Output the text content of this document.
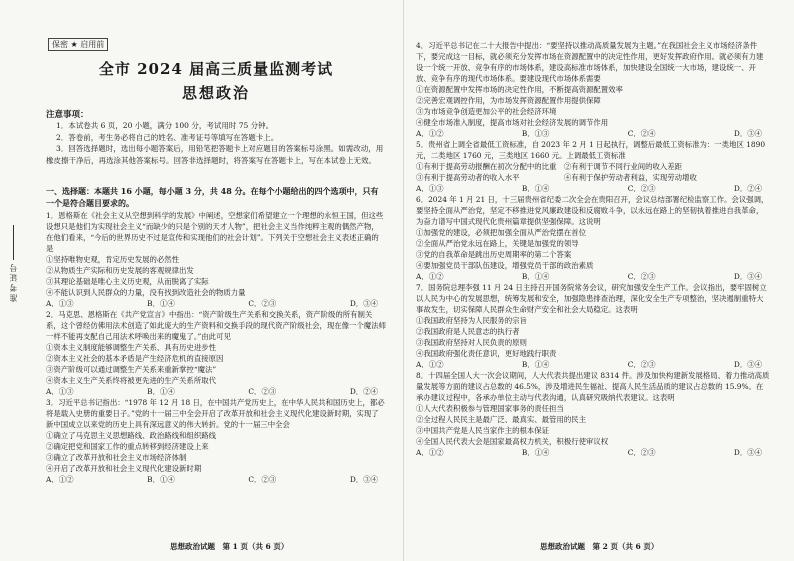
准考证号
保密 ★ 启用前
全市 2024 届高三质量监测考试
思想政治
注意事项：
1．本试卷共 6 页，20 小题，满分 100 分，考试用时 75 分钟。
2．答卷前，考生务必将自己的姓名、准考证号等填写在答题卡上。
3．回答选择题时，选出每小题答案后，用铅笔把答题卡上对应题目的答案标号涂黑。如需改动，用橡皮擦干净后，再选涂其他答案标号。回答非选择题时，将答案写在答题卡上，写在本试卷上无效。
一、选择题：本题共 16 小题，每小题 3 分，共 48 分。在每个小题给出的四个选项中，只有一个是符合题目要求的。

1．恩格斯在《社会主义从空想到科学的发展》中阐述，空想家们希望建立一个理想的永恒王国，但这些设想只是他们为实现社会主义“而缺少的只是个别的天才人物”，把社会主义当作纯粹主观的偶然产物，在他们看来，“今后的世界历史不过是宣传和实现他们的社会计划”。下列关于空想社会主义表述正确的是

①坚持唯物史观，肯定历史发展的必然性

②从物质生产实际和历史发展的客观规律出发

③其理论基础是唯心主义历史观，从而脱离了实际

④不能认识到人民群众的力量，没有找到改造社会的物质力量

A．①③	B．①④	C．②③	D．③④

2．马克思、恩格斯在《共产党宣言》中指出：“资产阶级生产关系和交换关系，资产阶级的所有制关系，这个曾经仿佛用法术创造了如此庞大的生产资料和交换手段的现代资产阶级社会，现在像一个魔法师一样不能再支配自己用法术呼唤出来的魔鬼了。”由此可见

①资本主义制度能够调整生产关系、具有历史进步性

②资本主义社会的基本矛盾是产生经济危机的直接原因

③资产阶级可以通过调整生产关系来重新掌控“魔法”

④资本主义生产关系终将被更先进的生产关系所取代

A．①③	B．①④	C．②③	D．②④

3．习近平总书记指出：“1978 年 12 月 18 日，在中国共产党历史上，在中华人民共和国历史上，都必将是载入史册的重要日子。”党的十一届三中全会开启了改革开放和社会主义现代化建设新时期，实现了新中国成立以来党的历史上具有深远意义的伟大转折。党的十一届三中全会

①确立了马克思主义思想路线、政治路线和组织路线

②确定把党和国家工作的重点转移到经济建设上来

③确立了改革开放和社会主义市场经济体制

④开启了改革开放和社会主义现代化建设新时期

A．①②	B．①④	C．②③	D．③④

4．习近平总书记在二十大报告中提出：“要坚持以推动高质量发展为主题。”在我国社会主义市场经济条件下，要完成这一目标，就必须充分发挥市场在资源配置中的决定性作用，更好发挥政府作用。就必须有力建设一个统一开放、竞争有序的市场体系，建设高标准市场体系，加快建设全国统一大市场，建设统一、开放、竞争有序的现代市场体系。要建设现代市场体系需要

①在资源配置中发挥市场的决定性作用，不断提高资源配置效率

②完善宏观调控作用，为市场发挥资源配置作用提供保障

③为市场竞争创造更加公平的社会经济环境

④健全市场准入制度，提高市场对社会经济发展的调节作用

A．①②	B．①③	C．②④	D．③④

5．贵州省上调全省最低工资标准，自 2023 年 2 月 1 日起执行，调整后最低工资标准为：一类地区 1890 元，二类地区 1760 元，三类地区 1660 元。上调最低工资标准

①有利于提高劳动报酬在初次分配中的比重　②有利于调节不同行业间的收入差距

③有利于提高劳动者的收入水平　　　　　　④有利于保护劳动者利益，实现劳动增收

A．①③	B．①④	C．②③	D．②④

6．2024 年 1 月 21 日，十三届贵州省纪委二次全会在贵阳召开，会议总结部署纪检监察工作。会议强调，要坚持全面从严治党，坚定不移推进党风廉政建设和反腐败斗争，以永远在路上的坚韧执着推进自我革命，为奋力谱写中国式现代化贵州篇章提供坚强保障。这说明

①加强党的建设，必须把加强全面从严治党摆在首位

②全面从严治党永远在路上，关键是加强党的领导

③党的自我革命是跳出历史周期率的第二个答案

④要加强党员干部队伍建设，增强党员干部的政治素质

A．①②	B．①④	C．②③	D．③④

7．国务院总理李强 11 月 24 日主持召开国务院常务会议，研究加强安全生产工作。会议指出，要牢固树立以人民为中心的发展思想，统筹发展和安全，加强隐患排查治理，深化安全生产专项整治，坚决遏制重特大事故发生，切实保障人民群众生命财产安全和社会大局稳定。这表明

①我国政府坚持为人民服务的宗旨

②我国政府是人民意志的执行者

③我国政府坚持对人民负责的原则

④我国政府强化责任意识，更好地践行职责

A．①②	B．①④	C．②③	D．③④

8．十四届全国人大一次会议期间，人大代表共提出建议 8314 件。涉及加快构建新发展格局、着力推动高质量发展等方面的建议占总数的 46.5%，涉及增进民生福祉、提高人民生活品质的建议占总数的 15.9%。在承办建议过程中，各承办单位主动与代表沟通，认真研究吸纳代表建议。这表明

①人大代表积极参与管理国家事务的责任担当

②全过程人民民主是最广泛、最真实、最管用的民主

③中国共产党是人民当家作主的根本保证

④全国人民代表大会是国家最高权力机关，积极行使审议权

A．①②	B．①④	C．②③	D．③④
思想政治试题　第 1 页（共 6 页）	思想政治试题　第 2 页（共 6 页）
